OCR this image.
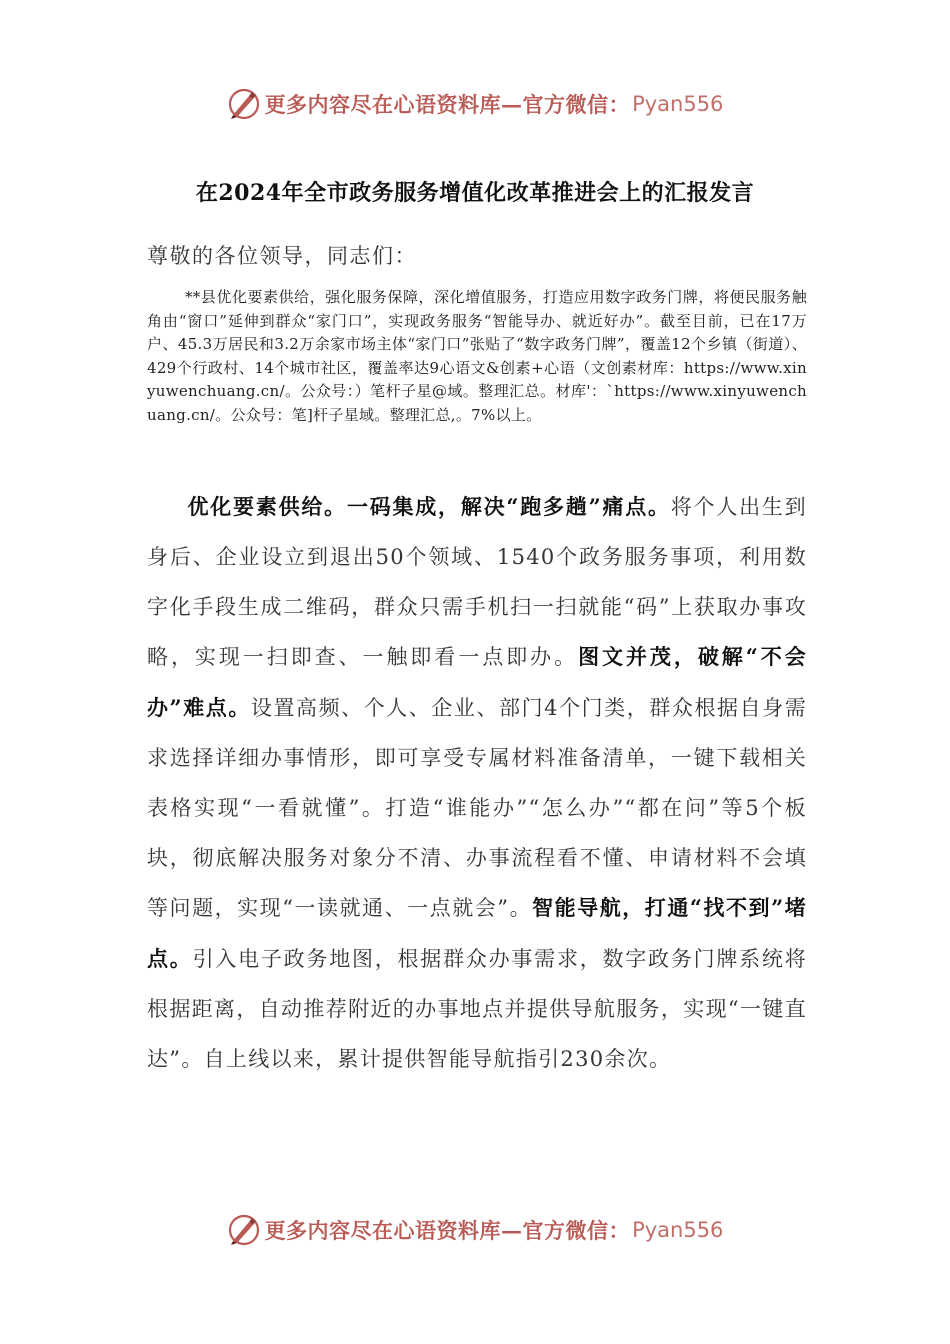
更多内容尽在心语资料库—官方微信： Pyan556
在2024年全市政务服务增值化改革推进会上的汇报发言
尊敬的各位领导，同志们：
**县优化要素供给，强化服务保障，深化增值服务，打造应用数字政务门牌，将便民服务触角由“窗口”延伸到群众“家门口”，实现政务服务“智能导办、就近好办”。截至目前，已在17万户、45.3万居民和3.2万余家市场主体“家门口”张贴了“数字政务门牌”，覆盖12个乡镇（街道）、429个行政村、14个城市社区，覆盖率达9心语文&创素+心语（文创素材库：https://www.xinyuwenchuang.cn/。公众号：）笔杆子星@域。整理汇总。材库'：`https://www.xinyuwenchuang.cn/。公众号：笔]杆子星域。整理汇总,。7%以上。
优化要素供给。一码集成，解决“跑多趟”痛点。将个人出生到身后、企业设立到退出50个领域、1540个政务服务事项，利用数字化手段生成二维码，群众只需手机扫一扫就能“码”上获取办事攻略，实现一扫即查、一触即看一点即办。图文并茂，破解“不会办”难点。设置高频、个人、企业、部门4个门类，群众根据自身需求选择详细办事情形，即可享受专属材料准备清单，一键下载相关表格实现“一看就懂”。打造“谁能办”“怎么办”“都在问”等5个板块，彻底解决服务对象分不清、办事流程看不懂、申请材料不会填等问题，实现“一读就通、一点就会”。智能导航，打通“找不到”堵点。引入电子政务地图，根据群众办事需求，数字政务门牌系统将根据距离，自动推荐附近的办事地点并提供导航服务，实现“一键直达”。自上线以来，累计提供智能导航指引230余次。
更多内容尽在心语资料库—官方微信： Pyan556
